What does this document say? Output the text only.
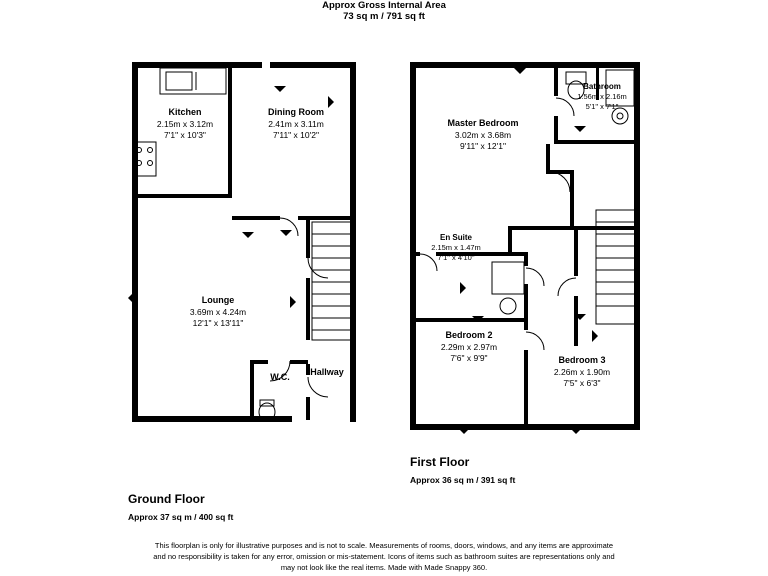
Approx Gross Internal Area
73 sq m / 791 sq ft
Kitchen
2.15m x 3.12m
7'1" x 10'3"
Dining Room
2.41m x 3.11m
7'11" x 10'2"
Lounge
3.69m x 4.24m
12'1" x 13'11"
Hallway
W.C.
Ground Floor
Approx 37 sq m / 400 sq ft
Bathroom
1.56m x 2.16m
5'1" x 7'1"
Master Bedroom
3.02m x 3.68m
9'11" x 12'1"
En Suite
2.15m x 1.47m
7'1" x 4'10"
Bedroom 2
2.29m x 2.97m
7'6" x 9'9"	Bedroom 3
2.26m x 1.90m
7'5" x 6'3"
First Floor
Approx 36 sq m / 391 sq ft
This floorplan is only for illustrative purposes and is not to scale. Measurements of rooms, doors, windows, and any items are approximate
and no responsibility is taken for any error, omission or mis-statement. Icons of items such as bathroom suites are representations only and
may not look like the real items. Made with Made Snappy 360.
